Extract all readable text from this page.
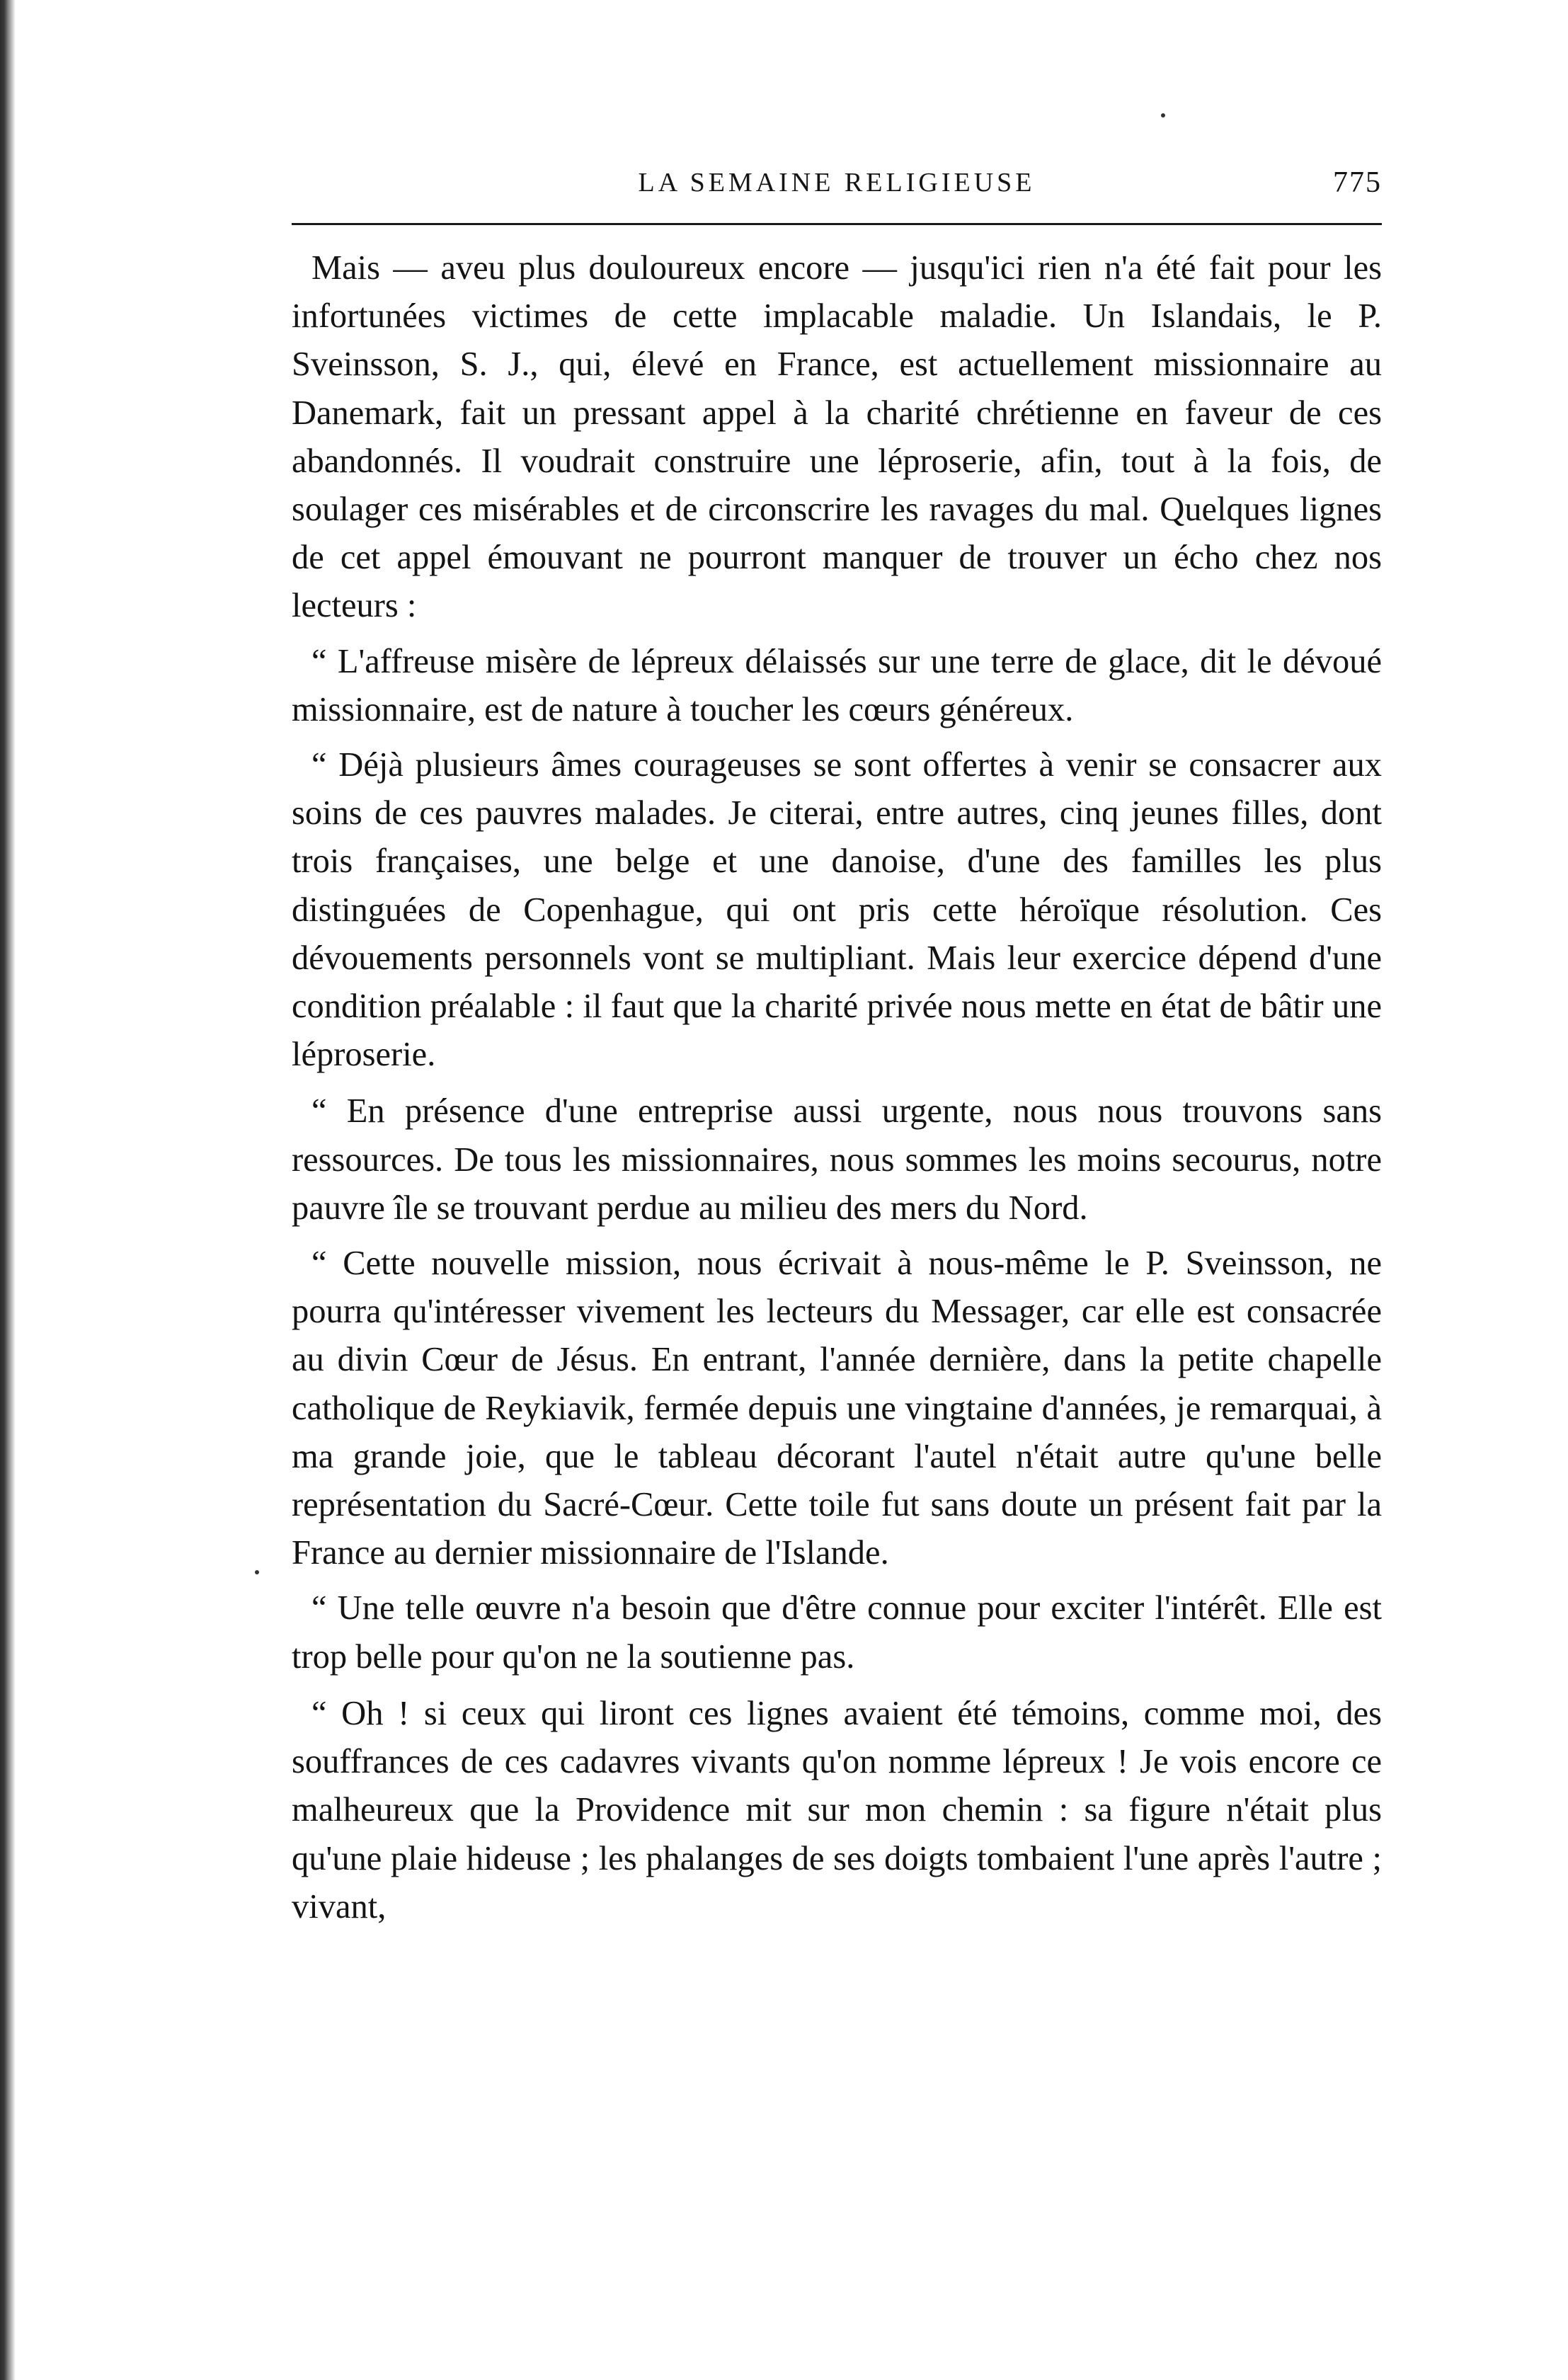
LA SEMAINE RELIGIEUSE	775

Mais — aveu plus douloureux encore — jusqu'ici rien n'a été fait pour les infortunées victimes de cette implacable maladie. Un Islandais, le P. Sveinsson, S. J., qui, élevé en France, est actuellement missionnaire au Danemark, fait un pressant appel à la charité chrétienne en faveur de ces abandonnés. Il voudrait construire une léproserie, afin, tout à la fois, de soulager ces misérables et de circonscrire les ravages du mal. Quelques lignes de cet appel émouvant ne pourront manquer de trouver un écho chez nos lecteurs :

“ L'affreuse misère de lépreux délaissés sur une terre de glace, dit le dévoué missionnaire, est de nature à toucher les cœurs généreux.

“ Déjà plusieurs âmes courageuses se sont offertes à venir se consacrer aux soins de ces pauvres malades. Je citerai, entre autres, cinq jeunes filles, dont trois françaises, une belge et une danoise, d'une des familles les plus distinguées de Copenhague, qui ont pris cette héroïque résolution. Ces dévouements personnels vont se multipliant. Mais leur exercice dépend d'une condition préalable : il faut que la charité privée nous mette en état de bâtir une léproserie.

“ En présence d'une entreprise aussi urgente, nous nous trouvons sans ressources. De tous les missionnaires, nous sommes les moins secourus, notre pauvre île se trouvant perdue au milieu des mers du Nord.

“ Cette nouvelle mission, nous écrivait à nous-même le P. Sveinsson, ne pourra qu'intéresser vivement les lecteurs du Messager, car elle est consacrée au divin Cœur de Jésus. En entrant, l'année dernière, dans la petite chapelle catholique de Reykiavik, fermée depuis une vingtaine d'années, je remarquai, à ma grande joie, que le tableau décorant l'autel n'était autre qu'une belle représentation du Sacré-Cœur. Cette toile fut sans doute un présent fait par la France au dernier missionnaire de l'Islande.

“ Une telle œuvre n'a besoin que d'être connue pour exciter l'intérêt. Elle est trop belle pour qu'on ne la soutienne pas.

“ Oh ! si ceux qui liront ces lignes avaient été témoins, comme moi, des souffrances de ces cadavres vivants qu'on nomme lépreux ! Je vois encore ce malheureux que la Providence mit sur mon chemin : sa figure n'était plus qu'une plaie hideuse ; les phalanges de ses doigts tombaient l'une après l'autre ; vivant,
